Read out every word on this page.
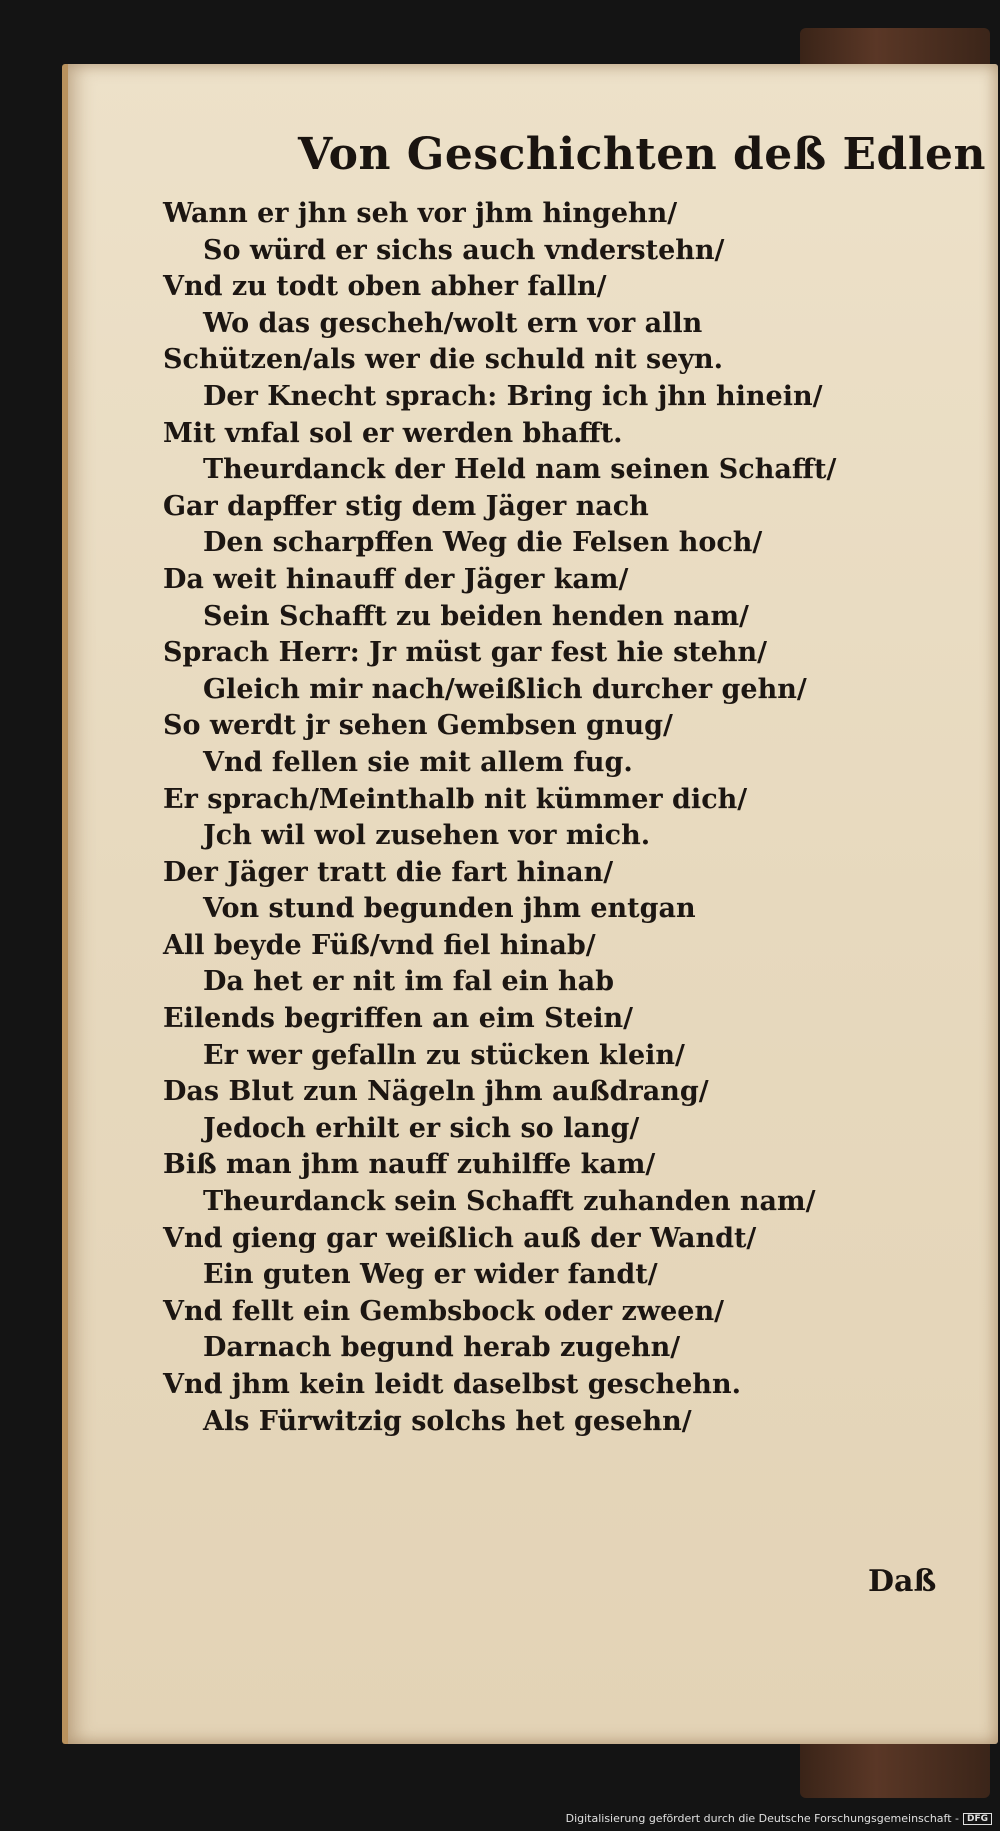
Von Geschichten deß Edlen
Wann er jhn seh vor jhm hingehn/
So würd er sichs auch vnderstehn/
Vnd zu todt oben abher falln/
Wo das gescheh/wolt ern vor alln
Schützen/als wer die schuld nit seyn.
Der Knecht sprach: Bring ich jhn hinein/
Mit vnfal sol er werden bhafft.
Theurdanck der Held nam seinen Schafft/
Gar dapffer stig dem Jäger nach
Den scharpffen Weg die Felsen hoch/
Da weit hinauff der Jäger kam/
Sein Schafft zu beiden henden nam/
Sprach Herr: Jr müst gar fest hie stehn/
Gleich mir nach/weißlich durcher gehn/
So werdt jr sehen Gembsen gnug/
Vnd fellen sie mit allem fug.
Er sprach/Meinthalb nit kümmer dich/
Jch wil wol zusehen vor mich.
Der Jäger tratt die fart hinan/
Von stund begunden jhm entgan
All beyde Füß/vnd fiel hinab/
Da het er nit im fal ein hab
Eilends begriffen an eim Stein/
Er wer gefalln zu stücken klein/
Das Blut zun Nägeln jhm außdrang/
Jedoch erhilt er sich so lang/
Biß man jhm nauff zuhilffe kam/
Theurdanck sein Schafft zuhanden nam/
Vnd gieng gar weißlich auß der Wandt/
Ein guten Weg er wider fandt/
Vnd fellt ein Gembsbock oder zween/
Darnach begund herab zugehn/
Vnd jhm kein leidt daselbst geschehn.
Als Fürwitzig solchs het gesehn/
Daß
Digitalisierung gefördert durch die Deutsche Forschungsgemeinschaft - DFG
